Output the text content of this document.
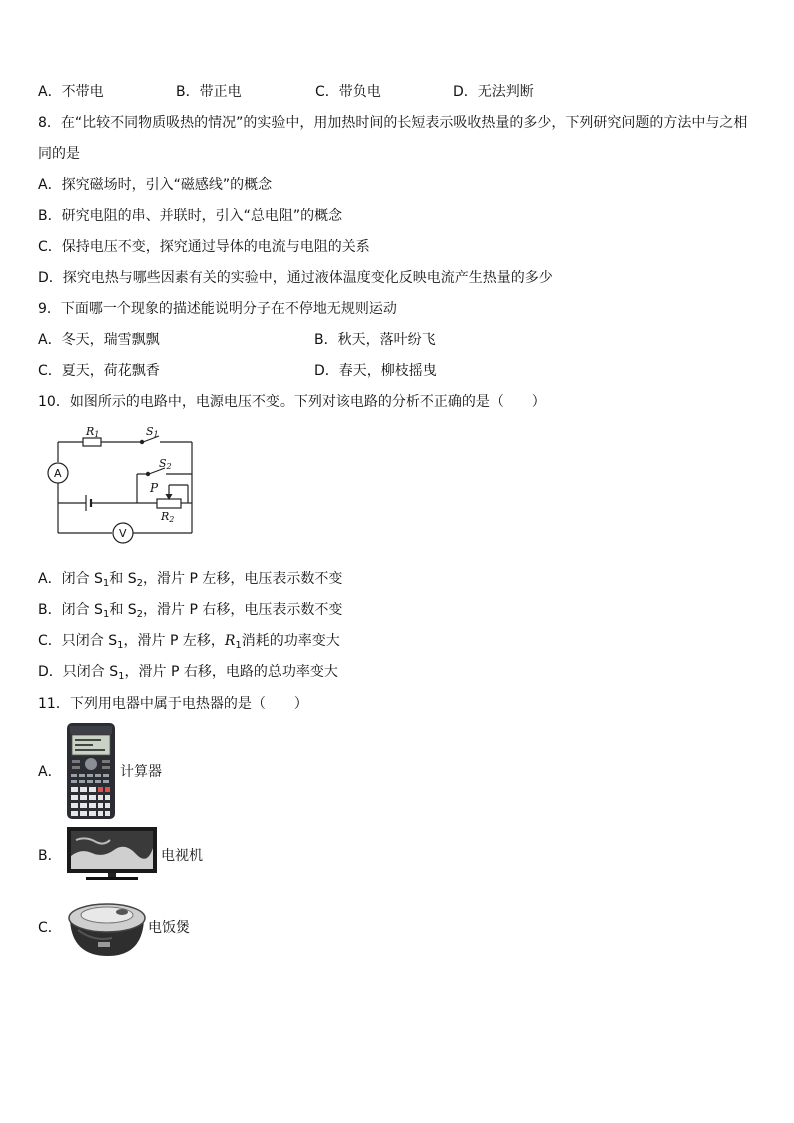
A．不带电	B．带正电	C．带负电	D．无法判断
8．在“比较不同物质吸热的情况”的实验中，用加热时间的长短表示吸收热量的多少，下列研究问题的方法中与之相
同的是
A．探究磁场时，引入“磁感线”的概念
B．研究电阻的串、并联时，引入“总电阻”的概念
C．保持电压不变，探究通过导体的电流与电阻的关系
D．探究电热与哪些因素有关的实验中，通过液体温度变化反映电流产生热量的多少
9．下面哪一个现象的描述能说明分子在不停地无规则运动
A．冬天，瑞雪飘飘	B．秋天，落叶纷飞
C．夏天，荷花飘香	D．春天，柳枝摇曳
10．如图所示的电路中，电源电压不变。下列对该电路的分析不正确的是（　　）
R1	S1
S2
P
R2
A
V
A．闭合 $S_1$和 $S_2$，滑片 P 左移，电压表示数不变
B．闭合 $S_1$和 $S_2$，滑片 P 右移，电压表示数不变
C．只闭合 $S_1$，滑片 P 左移，$R_1$消耗的功率变大
D．只闭合 $S_1$，滑片 P 右移，电路的总功率变大
11．下列用电器中属于电热器的是（　　）
A．	计算器
B．	电视机
C．	电饭煲
